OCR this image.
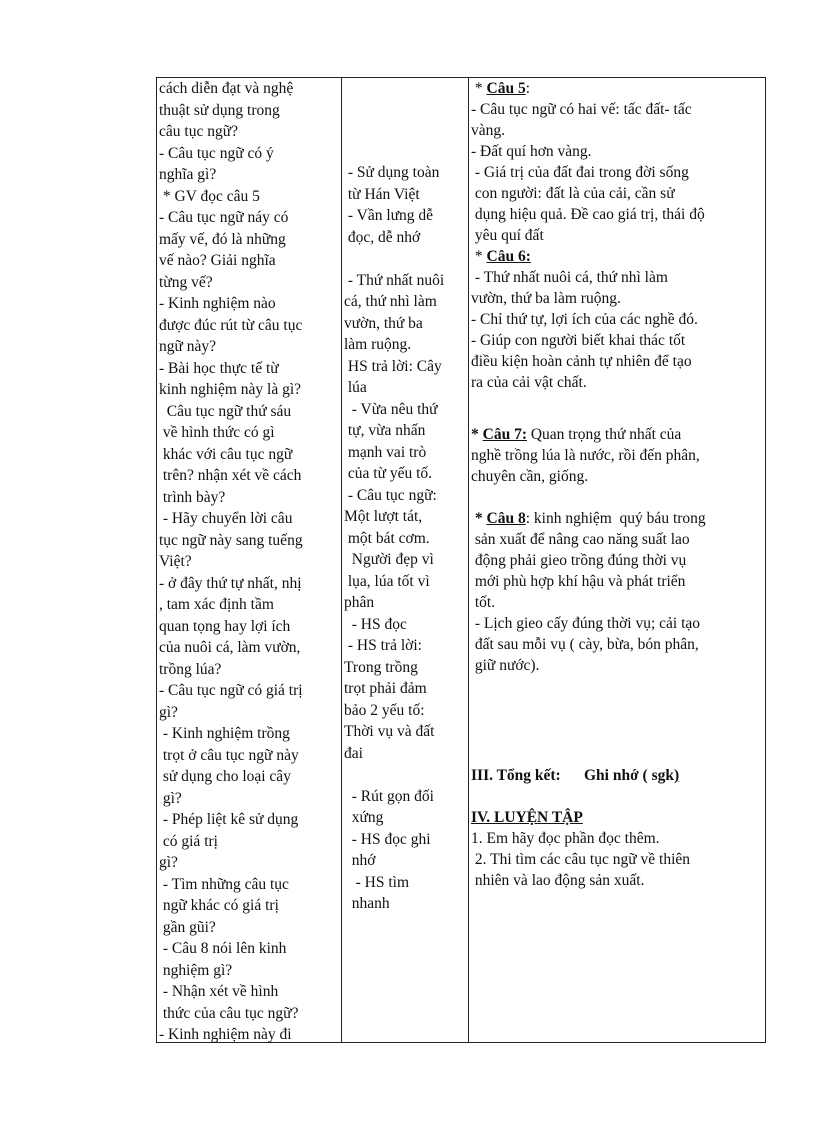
cách diễn đạt và nghệ
thuật sử dụng trong
câu tục ngữ?
- Câu tục ngữ có ý
nghĩa gì?
* GV đọc câu 5
- Câu tục ngữ náy có
mấy vế, đó là những
vế nào? Giải nghĩa
từng vế?
- Kinh nghiệm nào
được đúc rút từ câu tục
ngữ này?
- Bài học thực tế từ
kinh nghiệm này là gì?
Câu tục ngữ thứ sáu
về hình thức có gì
khác với câu tục ngữ
trên? nhận xét về cách
trình bày?
- Hãy chuyển lời câu
tục ngữ này sang tuếng
Việt?
- ở đây thứ tự nhất, nhị
, tam xác định tầm
quan tọng hay lợi ích
của nuôi cá, làm vườn,
trồng lúa?
- Câu tục ngữ có giá trị
gì?
- Kinh nghiệm trồng
trọt ở câu tục ngữ này
sử dụng cho loại cây
gì?
- Phép liệt kê sử dụng
có giá trị
gì?
- Tìm những câu tục
ngữ khác có giá trị
gần gũi?
- Câu 8 nói lên kinh
nghiệm gì?
- Nhận xét về hình
thức của câu tục ngữ?
- Kinh nghiệm này đi
- Sử dụng toàn
từ Hán Việt
- Vần lưng dễ
đọc, dễ nhớ
- Thứ nhất nuôi
cá, thứ nhì làm
vườn, thứ ba
làm ruộng.
HS trả lời: Cây
lúa
- Vừa nêu thứ
tự, vừa nhấn
mạnh vai trò
của từ yếu tố.
- Câu tục ngữ:
Một lượt tát,
một bát cơm.
Người đẹp vì
lụa, lúa tốt vì
phân
- HS đọc
- HS trả lời:
Trong trồng
trọt phải đảm
bảo 2 yếu tố:
Thời vụ và đất
đai
- Rút gọn đối
xứng
- HS đọc ghi
nhớ
- HS tìm
nhanh
* Câu 5:
* Câu 6:
* Câu 7: Quan trọng thứ nhất của
* Câu 8: kinh nghiệm  quý báu trong
III. Tổng kết: Ghi nhớ ( sgk)
IV. LUYỆN TẬP
- Câu tục ngữ có hai vế: tấc đất- tấc
vàng.
- Đất quí hơn vàng.
- Giá trị của đất đai trong đời sống
con người: đất là của cải, cần sử
dụng hiệu quả. Đề cao giá trị, thái độ
yêu quí đất
- Thứ nhất nuôi cá, thứ nhì làm
vườn, thứ ba làm ruộng.
- Chỉ thứ tự, lợi ích của các nghề đó.
- Giúp con người biết khai thác tốt
điều kiện hoàn cảnh tự nhiên để tạo
ra của cải vật chất.
nghề trồng lúa là nước, rồi đến phân,
chuyên cần, giống.
sản xuất để nâng cao năng suất lao
động phải gieo trồng đúng thời vụ
mới phù hợp khí hậu và phát triển
tốt.
- Lịch gieo cấy đúng thời vụ; cải tạo
đất sau mỗi vụ ( cày, bừa, bón phân,
giữ nước).
1. Em hãy đọc phần đọc thêm.
2. Thi tìm các câu tục ngữ về thiên
nhiên và lao động sản xuất.
